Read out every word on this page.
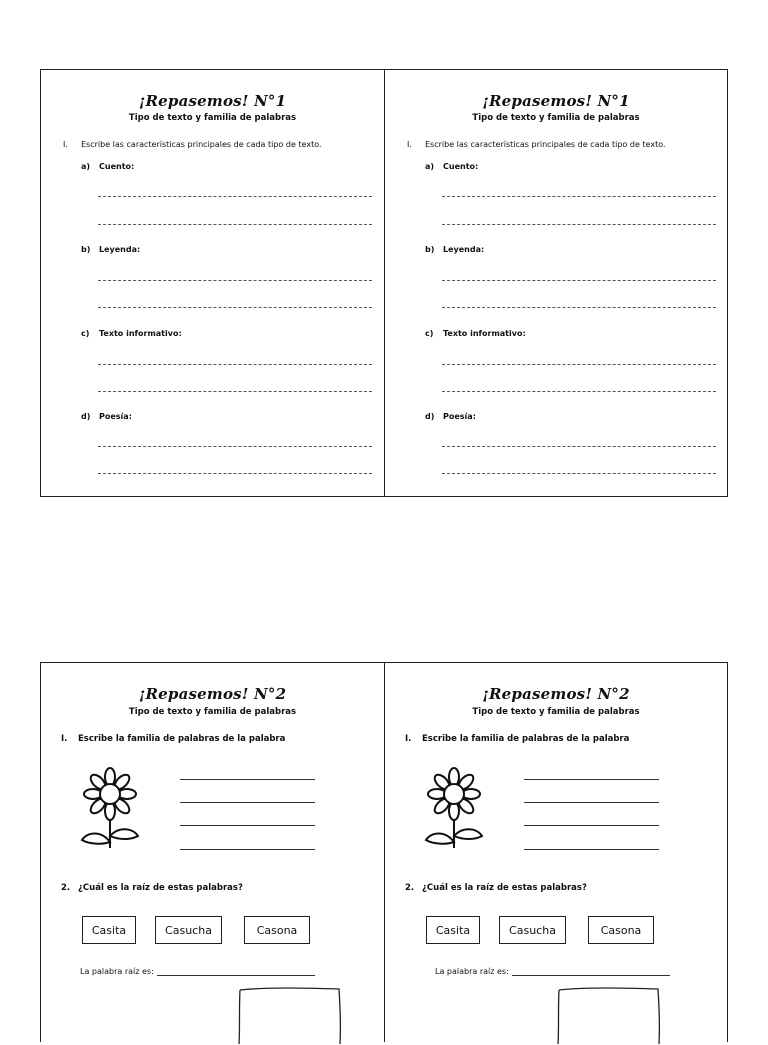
¡Repasemos! N°1
Tipo de texto y familia de palabras
I. Escribe las características principales de cada tipo de texto.
a) Cuento:
b) Leyenda:
c) Texto informativo:
d) Poesía:
¡Repasemos! N°1
Tipo de texto y familia de palabras
I. Escribe las características principales de cada tipo de texto.
a) Cuento:
b) Leyenda:
c) Texto informativo:
d) Poesía:
¡Repasemos! N°2
Tipo de texto y familia de palabras
I. Escribe la familia de palabras de la palabra
2. ¿Cuál es la raíz de estas palabras?
Casita	Casucha	Casona
La palabra raíz es:
¡Repasemos! N°2
Tipo de texto y familia de palabras
I. Escribe la familia de palabras de la palabra
2. ¿Cuál es la raíz de estas palabras?
Casita	Casucha	Casona
La palabra raíz es:
